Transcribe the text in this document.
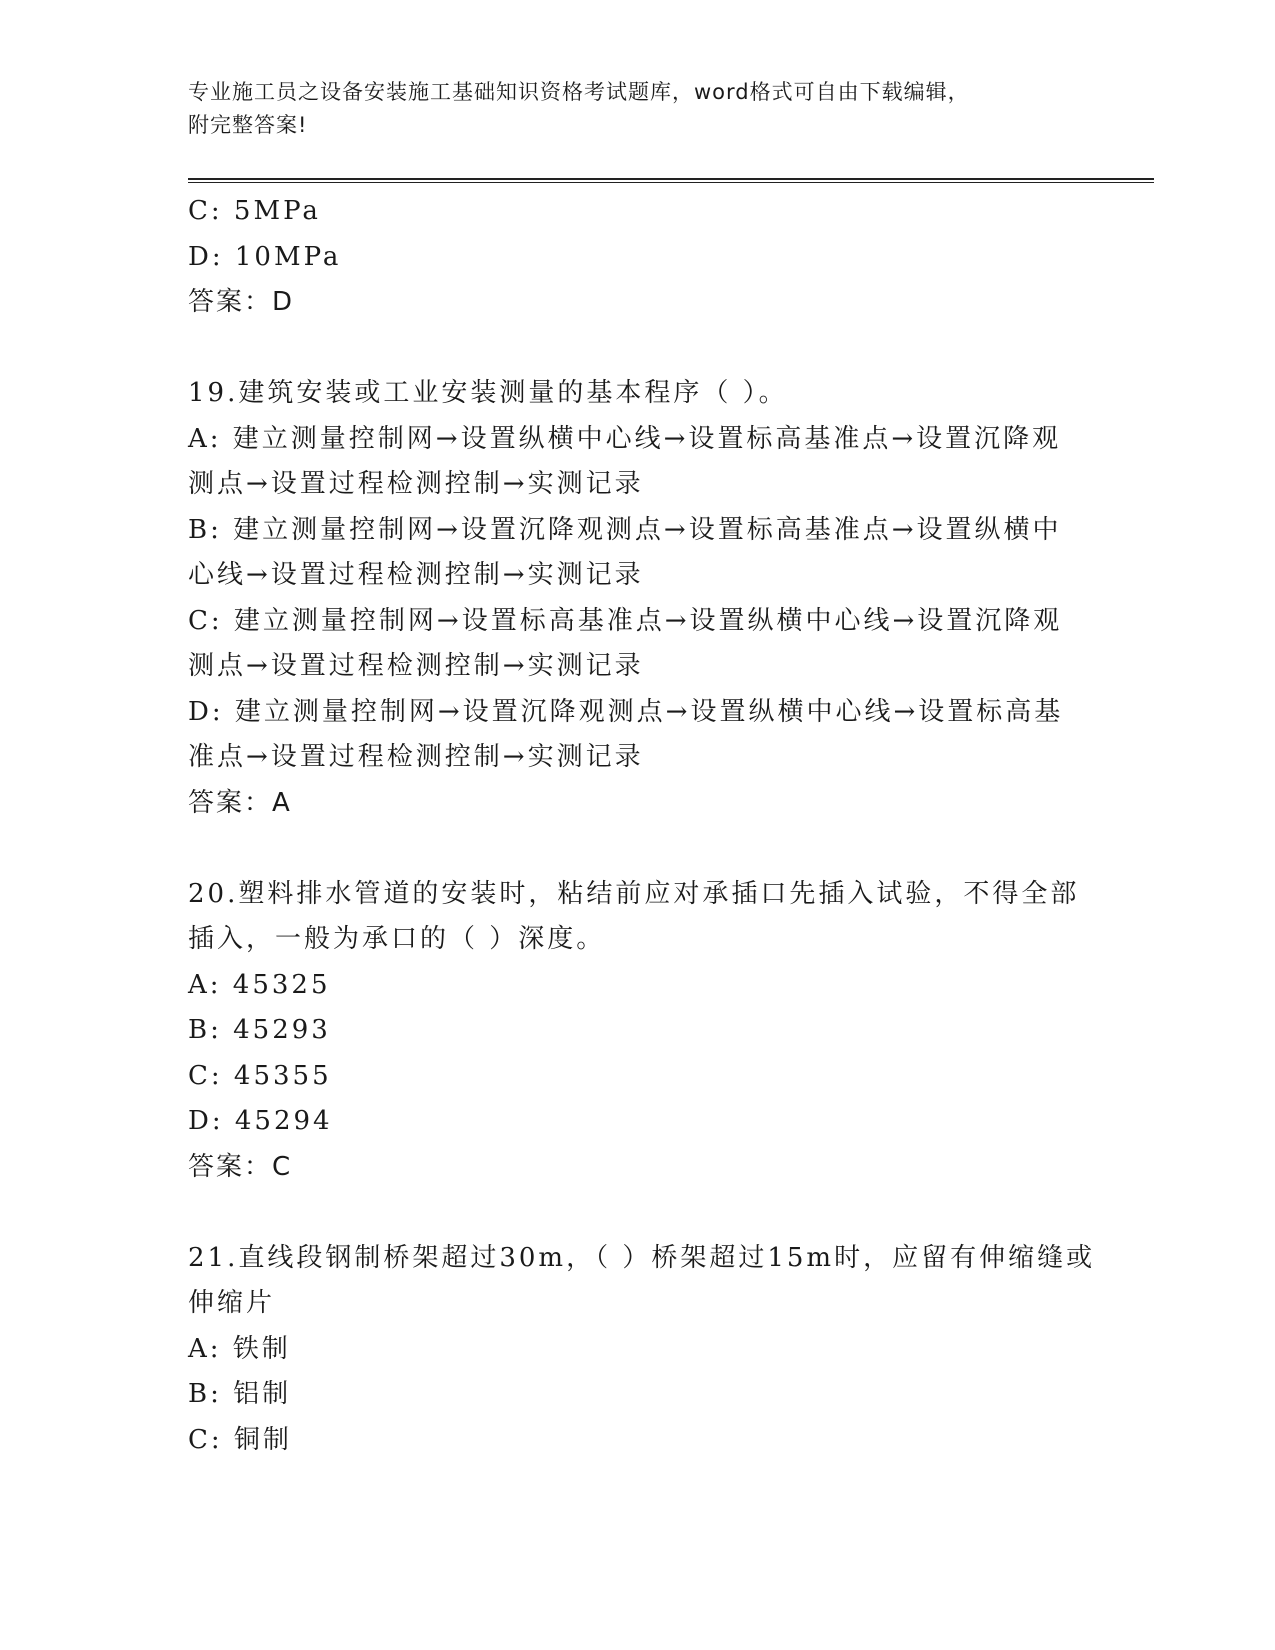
专业施工员之设备安装施工基础知识资格考试题库，word格式可自由下载编辑，
附完整答案!
C: 5MPa
D: 10MPa
答案：D
19.建筑安装或工业安装测量的基本程序（ ）。
A: 建立测量控制网→设置纵横中心线→设置标高基准点→设置沉降观
测点→设置过程检测控制→实测记录
B: 建立测量控制网→设置沉降观测点→设置标高基准点→设置纵横中
心线→设置过程检测控制→实测记录
C: 建立测量控制网→设置标高基准点→设置纵横中心线→设置沉降观
测点→设置过程检测控制→实测记录
D: 建立测量控制网→设置沉降观测点→设置纵横中心线→设置标高基
准点→设置过程检测控制→实测记录
答案：A
20.塑料排水管道的安装时，粘结前应对承插口先插入试验，不得全部
插入，一般为承口的（ ）深度。
A: 45325
B: 45293
C: 45355
D: 45294
答案：C
21.直线段钢制桥架超过30m，（ ）桥架超过15m时，应留有伸缩缝或
伸缩片
A: 铁制
B: 铝制
C: 铜制
